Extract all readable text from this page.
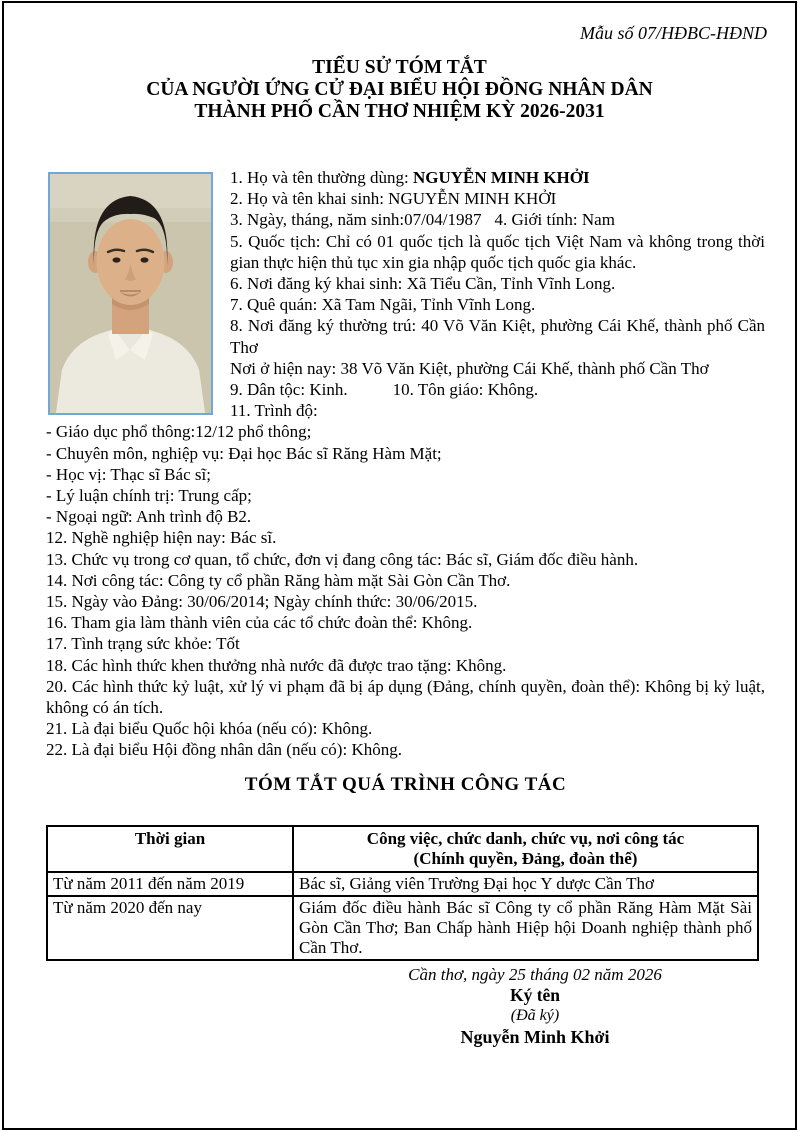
Mẫu số 07/HĐBC-HĐND
TIỂU SỬ TÓM TẮT
CỦA NGƯỜI ỨNG CỬ ĐẠI BIỂU HỘI ĐỒNG NHÂN DÂN
THÀNH PHỐ CẦN THƠ NHIỆM KỲ 2026-2031

1. Họ và tên thường dùng: NGUYỄN MINH KHỞI

2. Họ và tên khai sinh: NGUYỄN MINH KHỞI

3. Ngày, tháng, năm sinh:07/04/1987 4. Giới tính: Nam

5. Quốc tịch: Chỉ có 01 quốc tịch là quốc tịch Việt Nam và không trong thời gian thực hiện thủ tục xin gia nhập quốc tịch quốc gia khác.

6. Nơi đăng ký khai sinh: Xã Tiểu Cần, Tỉnh Vĩnh Long.

7. Quê quán: Xã Tam Ngãi, Tỉnh Vĩnh Long.

8. Nơi đăng ký thường trú: 40 Võ Văn Kiệt, phường Cái Khế, thành phố Cần Thơ

Nơi ở hiện nay: 38 Võ Văn Kiệt, phường Cái Khế, thành phố Cần Thơ

9. Dân tộc: Kinh.	10. Tôn giáo: Không.

11. Trình độ:

- Giáo dục phổ thông:12/12 phổ thông;

- Chuyên môn, nghiệp vụ: Đại học Bác sĩ Răng Hàm Mặt;

- Học vị: Thạc sĩ Bác sĩ;

- Lý luận chính trị: Trung cấp;

- Ngoại ngữ: Anh trình độ B2.

12. Nghề nghiệp hiện nay: Bác sĩ.

13. Chức vụ trong cơ quan, tổ chức, đơn vị đang công tác: Bác sĩ, Giám đốc điều hành.

14. Nơi công tác: Công ty cổ phần Răng hàm mặt Sài Gòn Cần Thơ.

15. Ngày vào Đảng: 30/06/2014; Ngày chính thức: 30/06/2015.

16. Tham gia làm thành viên của các tổ chức đoàn thể: Không.

17. Tình trạng sức khỏe: Tốt

18. Các hình thức khen thưởng nhà nước đã được trao tặng: Không.

20. Các hình thức kỷ luật, xử lý vi phạm đã bị áp dụng (Đảng, chính quyền, đoàn thể): Không bị kỷ luật, không có án tích.

21. Là đại biểu Quốc hội khóa (nếu có): Không.

22. Là đại biểu Hội đồng nhân dân (nếu có): Không.

TÓM TẮT QUÁ TRÌNH CÔNG TÁC
Thời gian	Công việc, chức danh, chức vụ, nơi công tác
(Chính quyền, Đảng, đoàn thể)

Từ năm 2011 đến năm 2019	Bác sĩ, Giảng viên Trường Đại học Y dược Cần Thơ
Từ năm 2020 đến nay	Giám đốc điều hành Bác sĩ Công ty cổ phần Răng Hàm Mặt Sài Gòn Cần Thơ; Ban Chấp hành Hiệp hội Doanh nghiệp thành phố Cần Thơ.
Cần thơ, ngày 25 tháng 02 năm 2026
Ký tên
(Đã ký)
Nguyễn Minh Khởi
